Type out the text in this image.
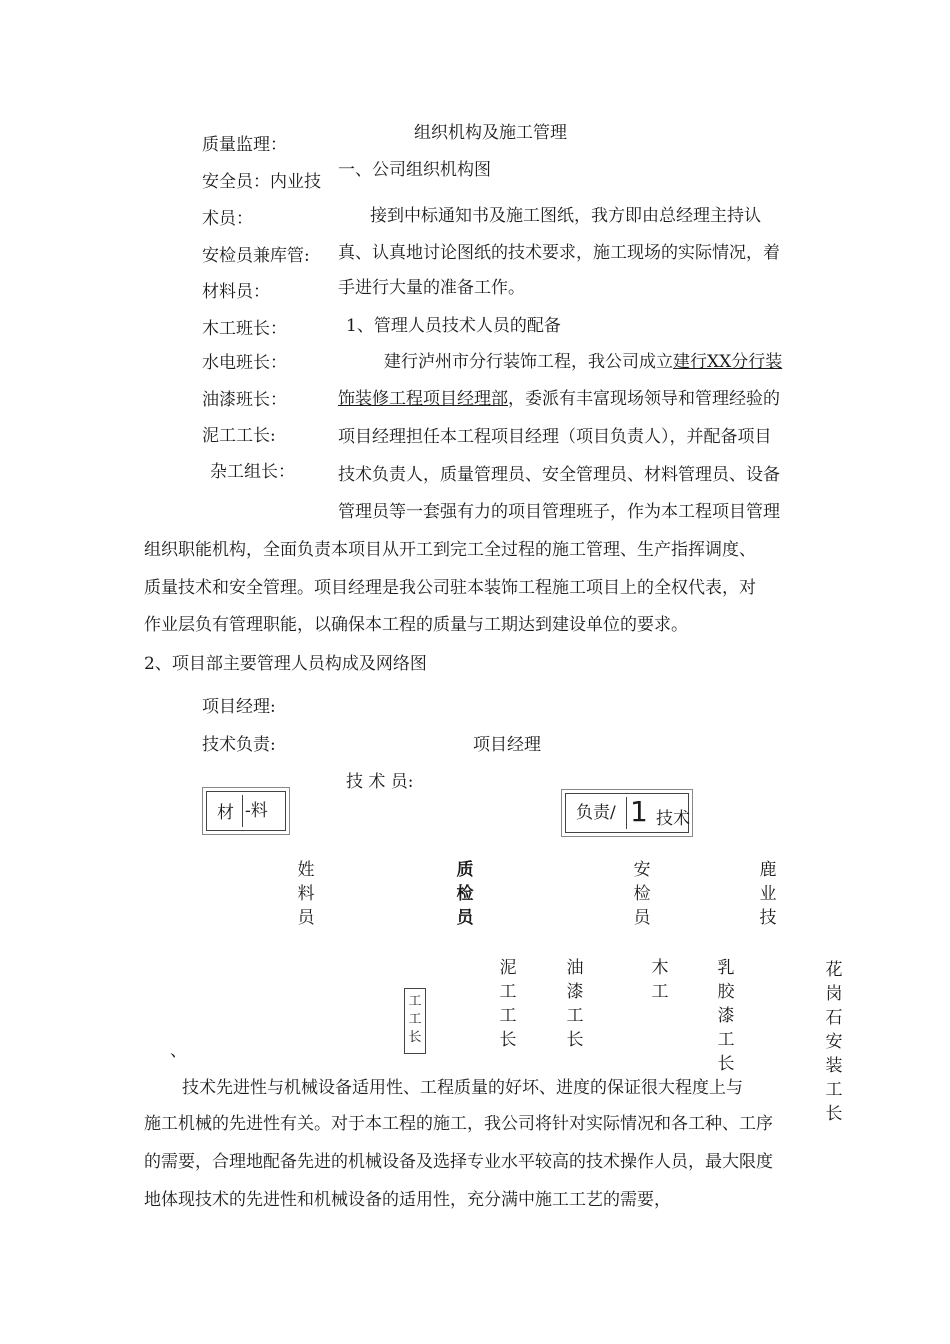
组织机构及施工管理
质量监理：
安全员：内业技
术员：
安检员兼库管:
材料员：
木工班长：
水电班长：
油漆班长：
泥工工长:
杂工组长：
一、公司组织机构图
接到中标通知书及施工图纸，我方即由总经理主持认
真、认真地讨论图纸的技术要求，施工现场的实际情况，着
手进行大量的准备工作。
1、管理人员技术人员的配备
建行泸州市分行装饰工程，我公司成立建行XX分行装
饰装修工程项目经理部，委派有丰富现场领导和管理经验的
项目经理担任本工程项目经理（项目负责人），并配备项目
技术负责人，质量管理员、安全管理员、材料管理员、设备
管理员等一套强有力的项目管理班子，作为本工程项目管理
组织职能机构，全面负责本项目从开工到完工全过程的施工管理、生产指挥调度、
质量技术和安全管理。项目经理是我公司驻本装饰工程施工项目上的全权代表，对
作业层负有管理职能，以确保本工程的质量与工期达到建设单位的要求。
2、项目部主要管理人员构成及网络图
项目经理:
技术负责:	项目经理
技 术 员:
材 -料	负责/ 1 技术
姓料员
质检员
安检员
鹿业技
泥工工长
油漆工长
木工
乳胶漆工长
花岗石安装工长
工工长
、
技术先进性与机械设备适用性、工程质量的好坏、进度的保证很大程度上与
施工机械的先进性有关。对于本工程的施工，我公司将针对实际情况和各工种、工序
的需要，合理地配备先进的机械设备及选择专业水平较高的技术操作人员，最大限度
地体现技术的先进性和机械设备的适用性，充分满中施工工艺的需要，
